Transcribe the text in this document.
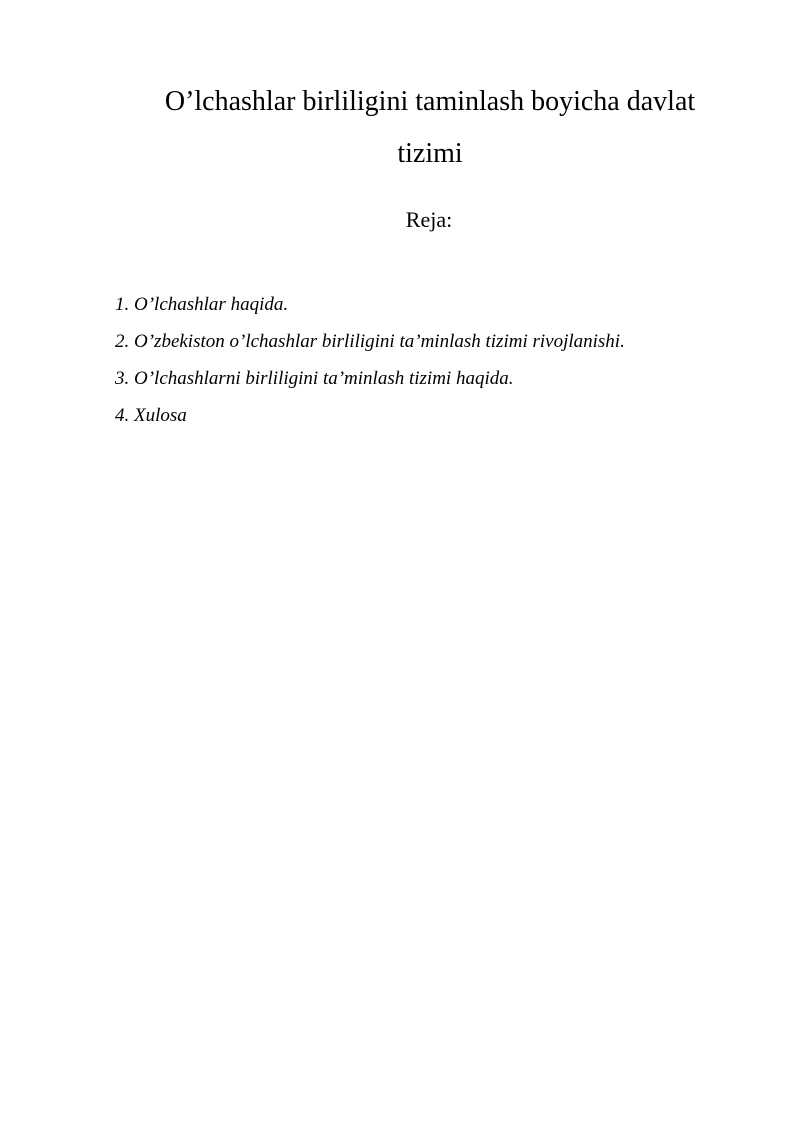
O’lchashlar birliligini taminlash boyicha davlat
tizimi
Reja:
1. O’lchashlar haqida.
2. O’zbekiston o’lchashlar birliligini ta’minlash tizimi rivojlanishi.
3. O’lchashlarni birliligini ta’minlash tizimi haqida.
4. Xulosa
